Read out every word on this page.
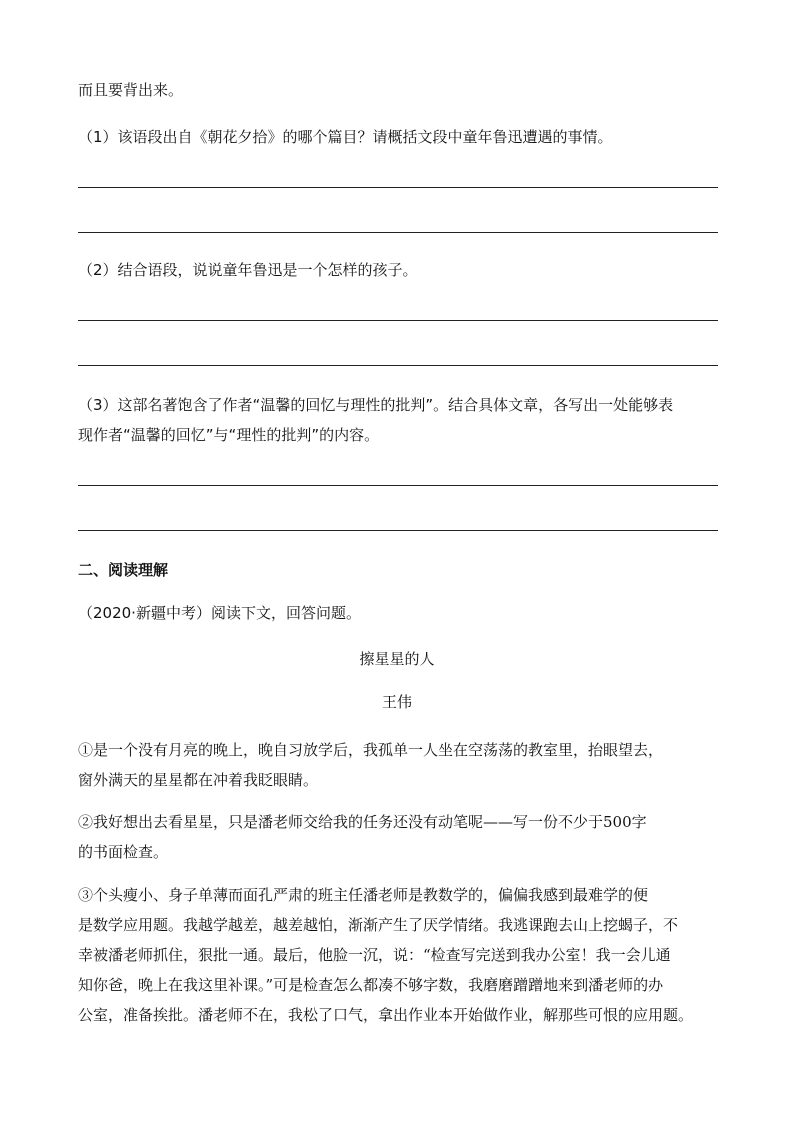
而且要背出来。
（1）该语段出自《朝花夕拾》的哪个篇目？请概括文段中童年鲁迅遭遇的事情。
（2）结合语段，说说童年鲁迅是一个怎样的孩子。
（3）这部名著饱含了作者“温馨的回忆与理性的批判”。结合具体文章，各写出一处能够表
现作者“温馨的回忆”与“理性的批判”的内容。
二、阅读理解
（2020·新疆中考）阅读下文，回答问题。
擦星星的人
王伟
①是一个没有月亮的晚上，晚自习放学后，我孤单一人坐在空荡荡的教室里，抬眼望去，
窗外满天的星星都在冲着我眨眼睛。
②我好想出去看星星，只是潘老师交给我的任务还没有动笔呢——写一份不少于500字
的书面检查。
③个头瘦小、身子单薄而面孔严肃的班主任潘老师是教数学的，偏偏我感到最难学的便
是数学应用题。我越学越差，越差越怕，渐渐产生了厌学情绪。我逃课跑去山上挖蝎子，不
幸被潘老师抓住，狠批一通。最后，他脸一沉，说：“检查写完送到我办公室！我一会儿通
知你爸，晚上在我这里补课。”可是检查怎么都凑不够字数，我磨磨蹭蹭地来到潘老师的办
公室，准备挨批。潘老师不在，我松了口气，拿出作业本开始做作业，解那些可恨的应用题。
